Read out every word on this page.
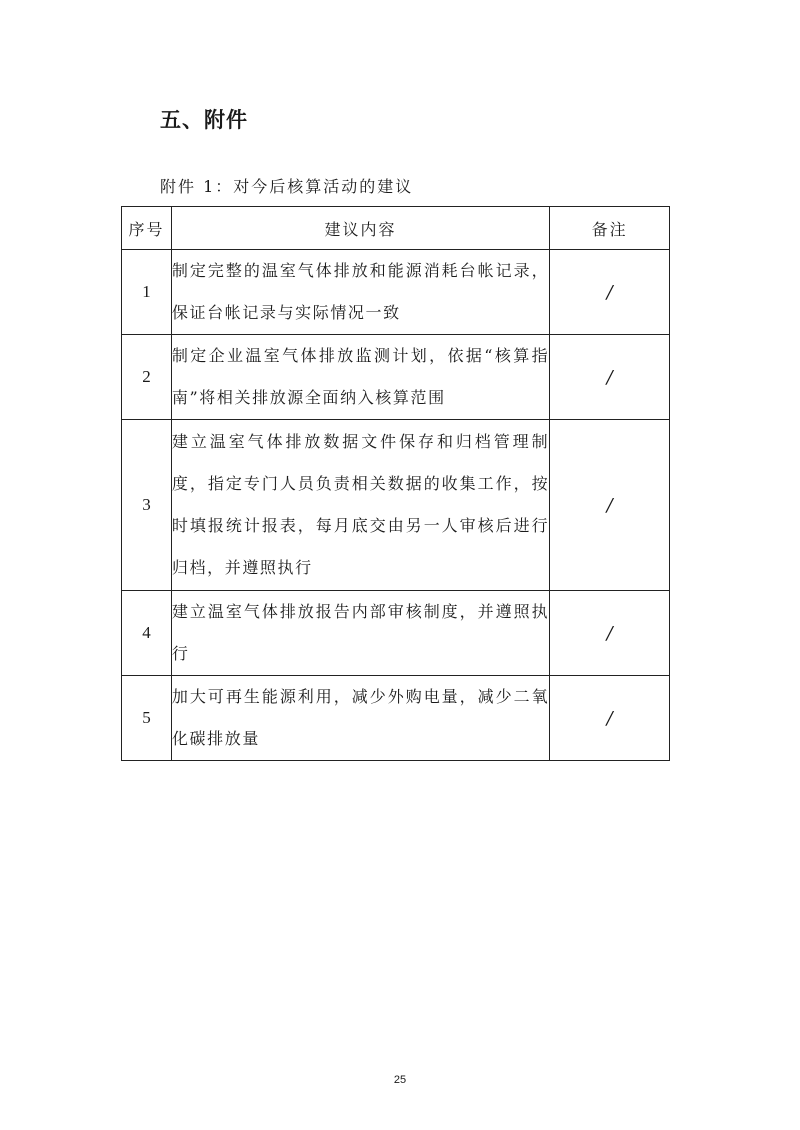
五、附件
附件 1：对今后核算活动的建议
序号	建议内容	备注
1	制定完整的温室气体排放和能源消耗台帐记录，保证台帐记录与实际情况一致	/
2	制定企业温室气体排放监测计划，依据“核算指南”将相关排放源全面纳入核算范围	/
3	建立温室气体排放数据文件保存和归档管理制度，指定专门人员负责相关数据的收集工作，按时填报统计报表，每月底交由另一人审核后进行归档，并遵照执行	/
4	建立温室气体排放报告内部审核制度，并遵照执行	/
5	加大可再生能源利用，减少外购电量，减少二氧化碳排放量	/
25
